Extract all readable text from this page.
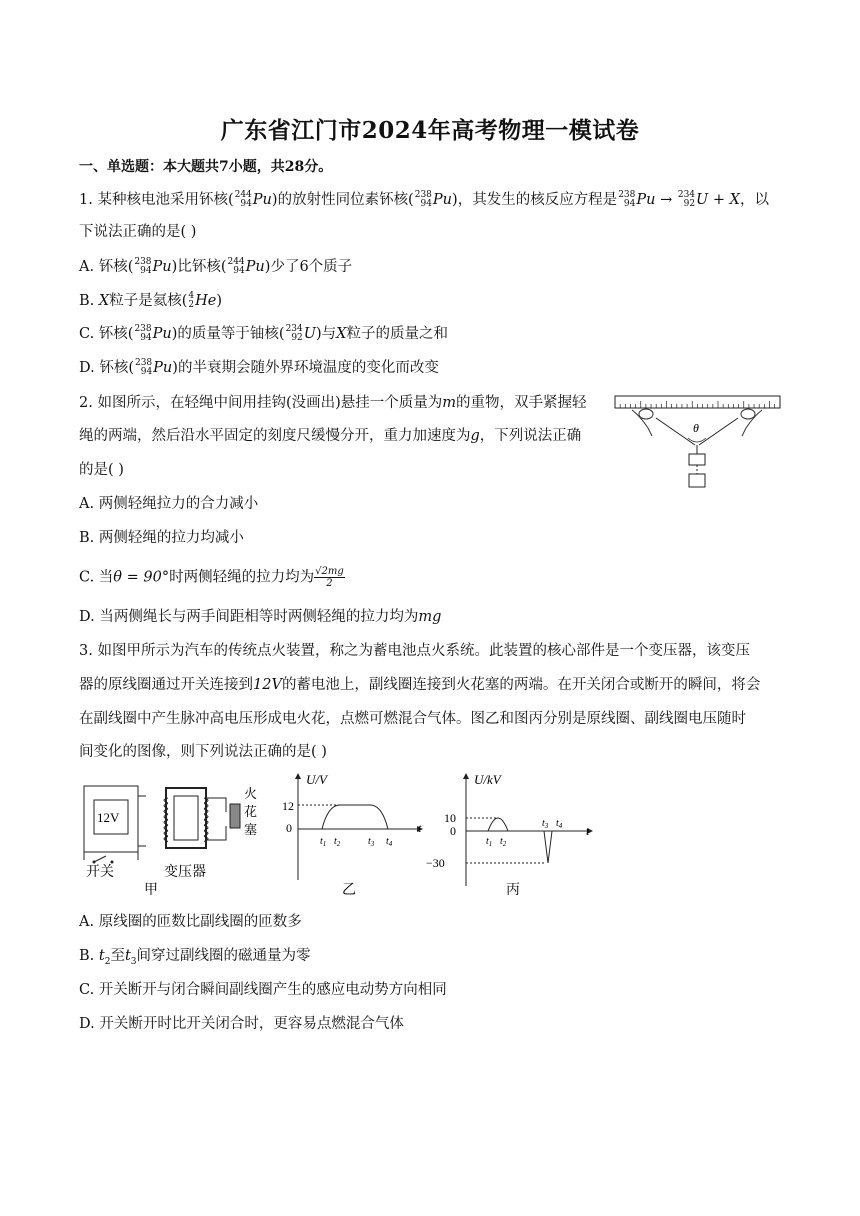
广东省江门市2024年高考物理一模试卷
一、单选题：本大题共7小题，共28分。
1. 某种核电池采用钚核( 244
94 Pu)的放射性同位素钚核( 238
94 Pu)，其发生的核反应方程是 238
94 Pu → 234
92 U + X，以
下说法正确的是( )
A. 钚核( 238
94 Pu)比钚核( 244
94 Pu)少了6个质子
B. X粒子是氦核( 4
2 He)
C. 钚核( 238
94 Pu)的质量等于铀核( 234
92 U)与X粒子的质量之和
D. 钚核( 238
94 Pu)的半衰期会随外界环境温度的变化而改变
2. 如图所示，在轻绳中间用挂钩(没画出)悬挂一个质量为m的重物，双手紧握轻
绳的两端，然后沿水平固定的刻度尺缓慢分开，重力加速度为g，下列说法正确
的是( )
θ
A. 两侧轻绳拉力的合力减小
B. 两侧轻绳的拉力均减小
C. 当θ = 90°时两侧轻绳的拉力均为 $\frac{√2mg}{2}$
D. 当两侧绳长与两手间距相等时两侧轻绳的拉力均为mg
3. 如图甲所示为汽车的传统点火装置，称之为蓄电池点火系统。此装置的核心部件是一个变压器，该变压
器的原线圈通过开关连接到12V的蓄电池上，副线圈连接到火花塞的两端。在开关闭合或断开的瞬间，将会
在副线圈中产生脉冲高电压形成电火花，点燃可燃混合气体。图乙和图丙分别是原线圈、副线圈电压随时
间变化的图像，则下列说法正确的是( )
12V
火
花
塞
开关	变压器
甲
U/V
12
0	t
$t_1$ $t_2$	$t_3$ $t_4$
乙
U/kV
10
0
−30
t
$t_1$ $t_2$
$t_3$ $t_4$
丙
A. 原线圈的匝数比副线圈的匝数多
B. $t_2$至$t_3$间穿过副线圈的磁通量为零
C. 开关断开与闭合瞬间副线圈产生的感应电动势方向相同
D. 开关断开时比开关闭合时，更容易点燃混合气体
